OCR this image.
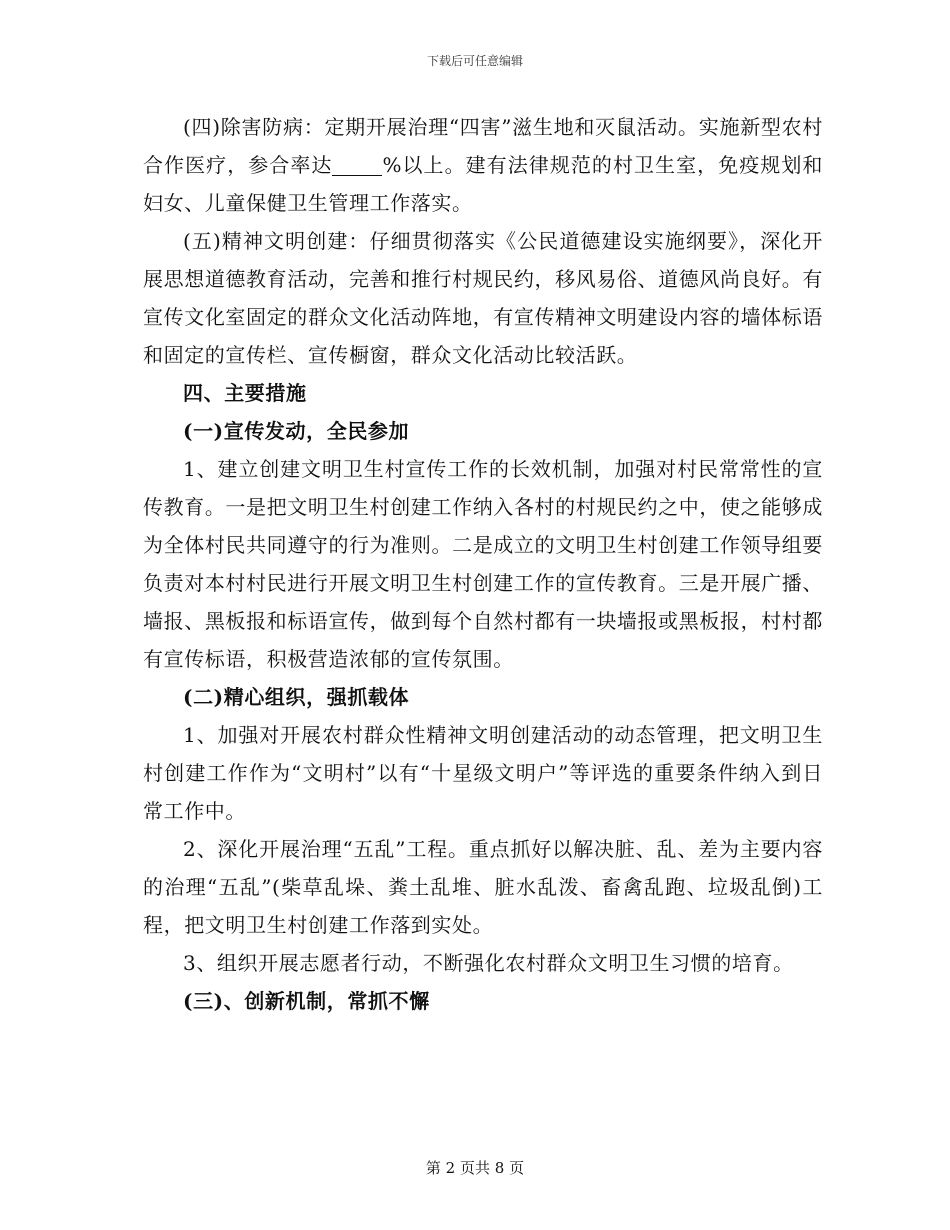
下载后可任意编辑

(四)除害防病：定期开展治理“四害”滋生地和灭鼠活动。实施新型农村合作医疗，参合率达	%以上。建有法律规范的村卫生室，免疫规划和妇女、儿童保健卫生管理工作落实。

(五)精神文明创建：仔细贯彻落实《公民道德建设实施纲要》，深化开展思想道德教育活动，完善和推行村规民约，移风易俗、道德风尚良好。有宣传文化室固定的群众文化活动阵地，有宣传精神文明建设内容的墙体标语和固定的宣传栏、宣传橱窗，群众文化活动比较活跃。

四、主要措施

(一)宣传发动，全民参加

1、建立创建文明卫生村宣传工作的长效机制，加强对村民常常性的宣传教育。一是把文明卫生村创建工作纳入各村的村规民约之中，使之能够成为全体村民共同遵守的行为准则。二是成立的文明卫生村创建工作领导组要负责对本村村民进行开展文明卫生村创建工作的宣传教育。三是开展广播、墙报、黑板报和标语宣传，做到每个自然村都有一块墙报或黑板报，村村都有宣传标语，积极营造浓郁的宣传氛围。

(二)精心组织，强抓载体

1、加强对开展农村群众性精神文明创建活动的动态管理，把文明卫生村创建工作作为“文明村”以有“十星级文明户”等评选的重要条件纳入到日常工作中。

2、深化开展治理“五乱”工程。重点抓好以解决脏、乱、差为主要内容的治理“五乱”(柴草乱垛、粪土乱堆、脏水乱泼、畜禽乱跑、垃圾乱倒)工程，把文明卫生村创建工作落到实处。

3、组织开展志愿者行动，不断强化农村群众文明卫生习惯的培育。

(三)、创新机制，常抓不懈

第 2 页共 8 页
